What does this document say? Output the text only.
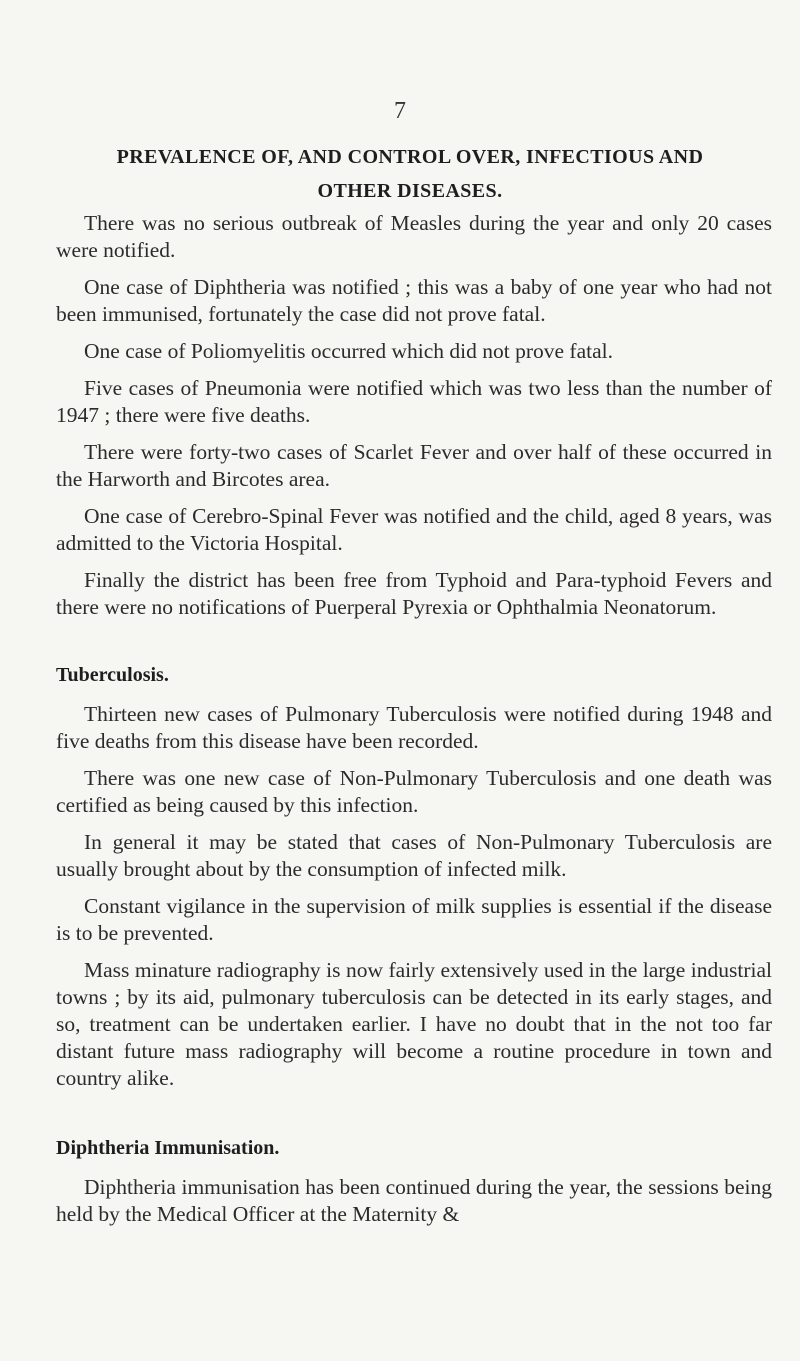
7
PREVALENCE OF, AND CONTROL OVER, INFECTIOUS AND
OTHER DISEASES.

There was no serious outbreak of Measles during the year and only 20 cases were notified.

One case of Diphtheria was notified ; this was a baby of one year who had not been immunised, fortunately the case did not prove fatal.

One case of Poliomyelitis occurred which did not prove fatal.

Five cases of Pneumonia were notified which was two less than the number of 1947 ; there were five deaths.

There were forty-two cases of Scarlet Fever and over half of these occurred in the Harworth and Bircotes area.

One case of Cerebro-Spinal Fever was notified and the child, aged 8 years, was admitted to the Victoria Hospital.

Finally the district has been free from Typhoid and Para-typhoid Fevers and there were no notifications of Puerperal Pyrexia or Ophthalmia Neonatorum.

Tuberculosis.

Thirteen new cases of Pulmonary Tuberculosis were notified during 1948 and five deaths from this disease have been recorded.

There was one new case of Non-Pulmonary Tuberculosis and one death was certified as being caused by this infection.

In general it may be stated that cases of Non-Pulmonary Tuberculosis are usually brought about by the consumption of infected milk.

Constant vigilance in the supervision of milk supplies is essential if the disease is to be prevented.

Mass minature radiography is now fairly extensively used in the large industrial towns ; by its aid, pulmonary tuberculosis can be detected in its early stages, and so, treatment can be undertaken earlier. I have no doubt that in the not too far distant future mass radiography will become a routine procedure in town and country alike.

Diphtheria Immunisation.

Diphtheria immunisation has been continued during the year, the sessions being held by the Medical Officer at the Maternity &
